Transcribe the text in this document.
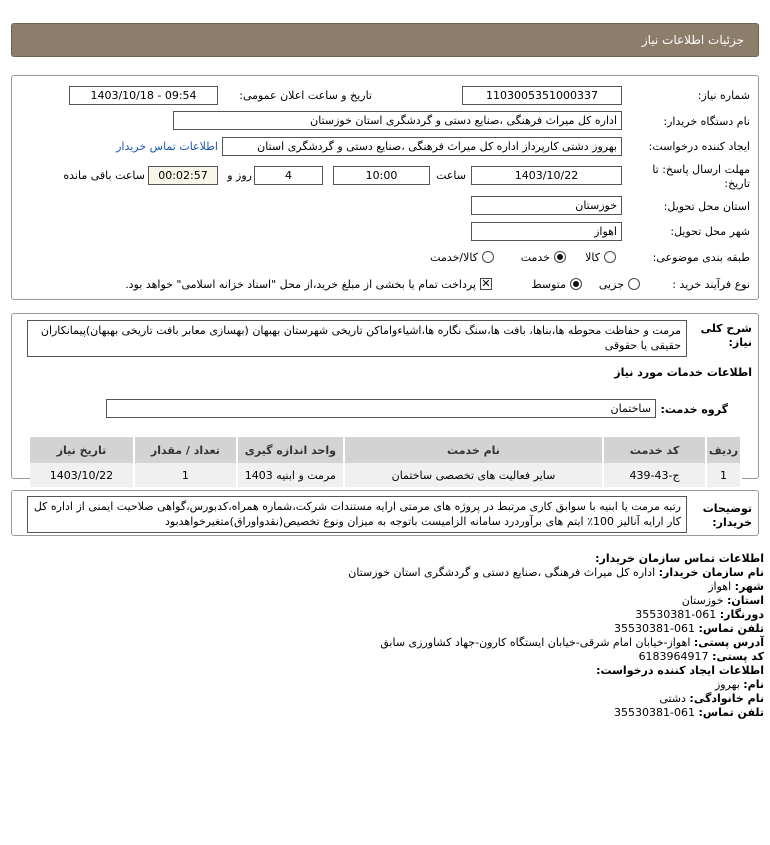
جزئیات اطلاعات نیاز
شماره نیاز:
1103005351000337
تاریخ و ساعت اعلان عمومی:
1403/10/18 - 09:54
نام دستگاه خریدار:
اداره کل میراث فرهنگی ،صنایع دستی و گردشگری استان خوزستان
ایجاد کننده درخواست:
بهروز دشتی کارپرداز اداره کل میراث فرهنگی ،صنایع دستی و گردشگری استان
اطلاعات تماس خریدار
مهلت ارسال پاسخ: تا تاریخ:
1403/10/22
ساعت
10:00
4
روز و
00:02:57
ساعت باقی مانده
استان محل تحویل:
خوزستان
شهر محل تحویل:
اهواز
طبقه بندی موضوعی:
کالا
خدمت
کالا/خدمت
نوع فرآیند خرید :
جزیی
متوسط
✕
پرداخت تمام یا بخشی از مبلغ خرید،از محل "اسناد خزانه اسلامی" خواهد بود.
شرح کلی نیاز:
مرمت و حفاظت محوطه ها،بناها، بافت ها،سنگ نگاره ها،اشیاءواماکن تاریخی شهرستان بهبهان (بهسازی معابر بافت تاریخی بهبهان)پیمانکاران حقیقی یا حقوقی
اطلاعات خدمات مورد نیاز
گروه خدمت:
ساختمان
ردیف	کد خدمت	نام خدمت	واحد اندازه گیری	تعداد / مقدار	تاریخ نیاز
1	ج-43-439	سایر فعالیت های تخصصی ساختمان	مرمت و ابنیه 1403	1	1403/10/22
توضیحات خریدار:
رتبه مرمت یا ابنیه با سوابق کاری مرتبط در پروژه های مرمتی ارایه مستندات شرکت،شماره همراه،کدبورس،گواهی صلاحیت ایمنی از اداره کل کار ارایه آنالیز 100٪ ایتم های برآوردرد سامانه الزامیست باتوجه به میزان ونوع تخصیص(نقدواوراق)متغیرخواهدبود
اطلاعات تماس سازمان خریدار:
نام سازمان خریدار: اداره کل میراث فرهنگی ،صنایع دستی و گردشگری استان خوزستان
شهر: اهواز
استان: خوزستان
دورنگار: 061-35530381
تلفن تماس: 061-35530381
آدرس پستی: اهواز-خیابان امام شرقی-خیابان ایستگاه کارون-جهاد کشاورزی سابق
کد پستی: 6183964917
اطلاعات ایجاد کننده درخواست:
نام: بهروز
نام خانوادگی: دشتی
تلفن تماس: 061-35530381
